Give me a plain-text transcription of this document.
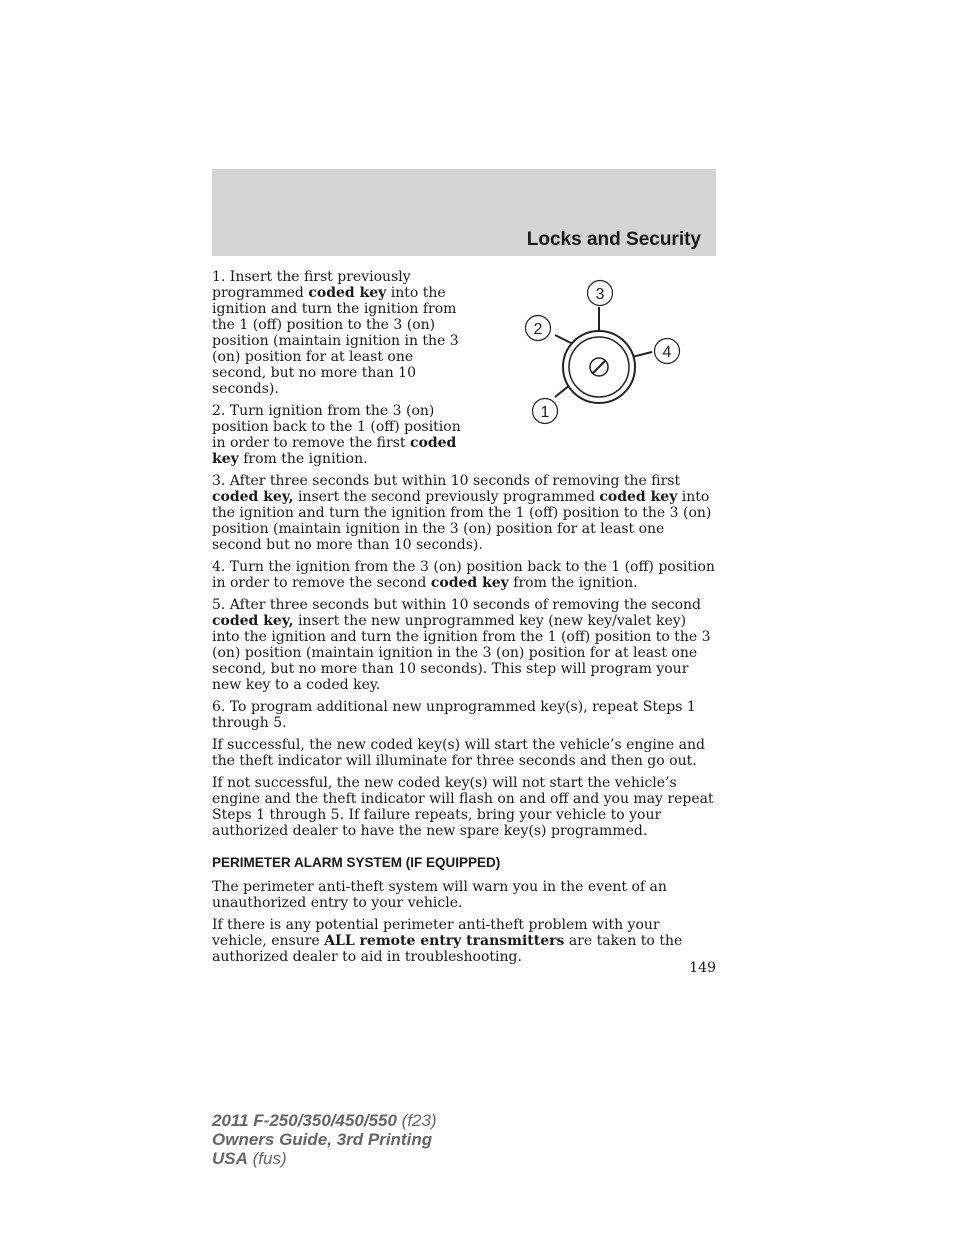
Locks and Security

1. Insert the first previously programmed coded key into the ignition and turn the ignition from the 1 (off) position to the 3 (on) position (maintain ignition in the 3 (on) position for at least one second, but no more than 10 seconds).

2. Turn ignition from the 3 (on) position back to the 1 (off) position in order to remove the first coded key from the ignition.

3. After three seconds but within 10 seconds of removing the first coded key, insert the second previously programmed coded key into the ignition and turn the ignition from the 1 (off) position to the 3 (on) position (maintain ignition in the 3 (on) position for at least one second but no more than 10 seconds).

4. Turn the ignition from the 3 (on) position back to the 1 (off) position in order to remove the second coded key from the ignition.

5. After three seconds but within 10 seconds of removing the second coded key, insert the new unprogrammed key (new key/valet key) into the ignition and turn the ignition from the 1 (off) position to the 3 (on) position (maintain ignition in the 3 (on) position for at least one second, but no more than 10 seconds). This step will program your new key to a coded key.

6. To program additional new unprogrammed key(s), repeat Steps 1 through 5.

If successful, the new coded key(s) will start the vehicle’s engine and the theft indicator will illuminate for three seconds and then go out.

If not successful, the new coded key(s) will not start the vehicle’s engine and the theft indicator will flash on and off and you may repeat Steps 1 through 5. If failure repeats, bring your vehicle to your authorized dealer to have the new spare key(s) programmed.

PERIMETER ALARM SYSTEM (IF EQUIPPED)

The perimeter anti-theft system will warn you in the event of an unauthorized entry to your vehicle.

If there is any potential perimeter anti-theft problem with your vehicle, ensure ALL remote entry transmitters are taken to the authorized dealer to aid in troubleshooting.

3
2
4
1
149
2011 F-250/350/450/550 (f23)
Owners Guide, 3rd Printing
USA (fus)
